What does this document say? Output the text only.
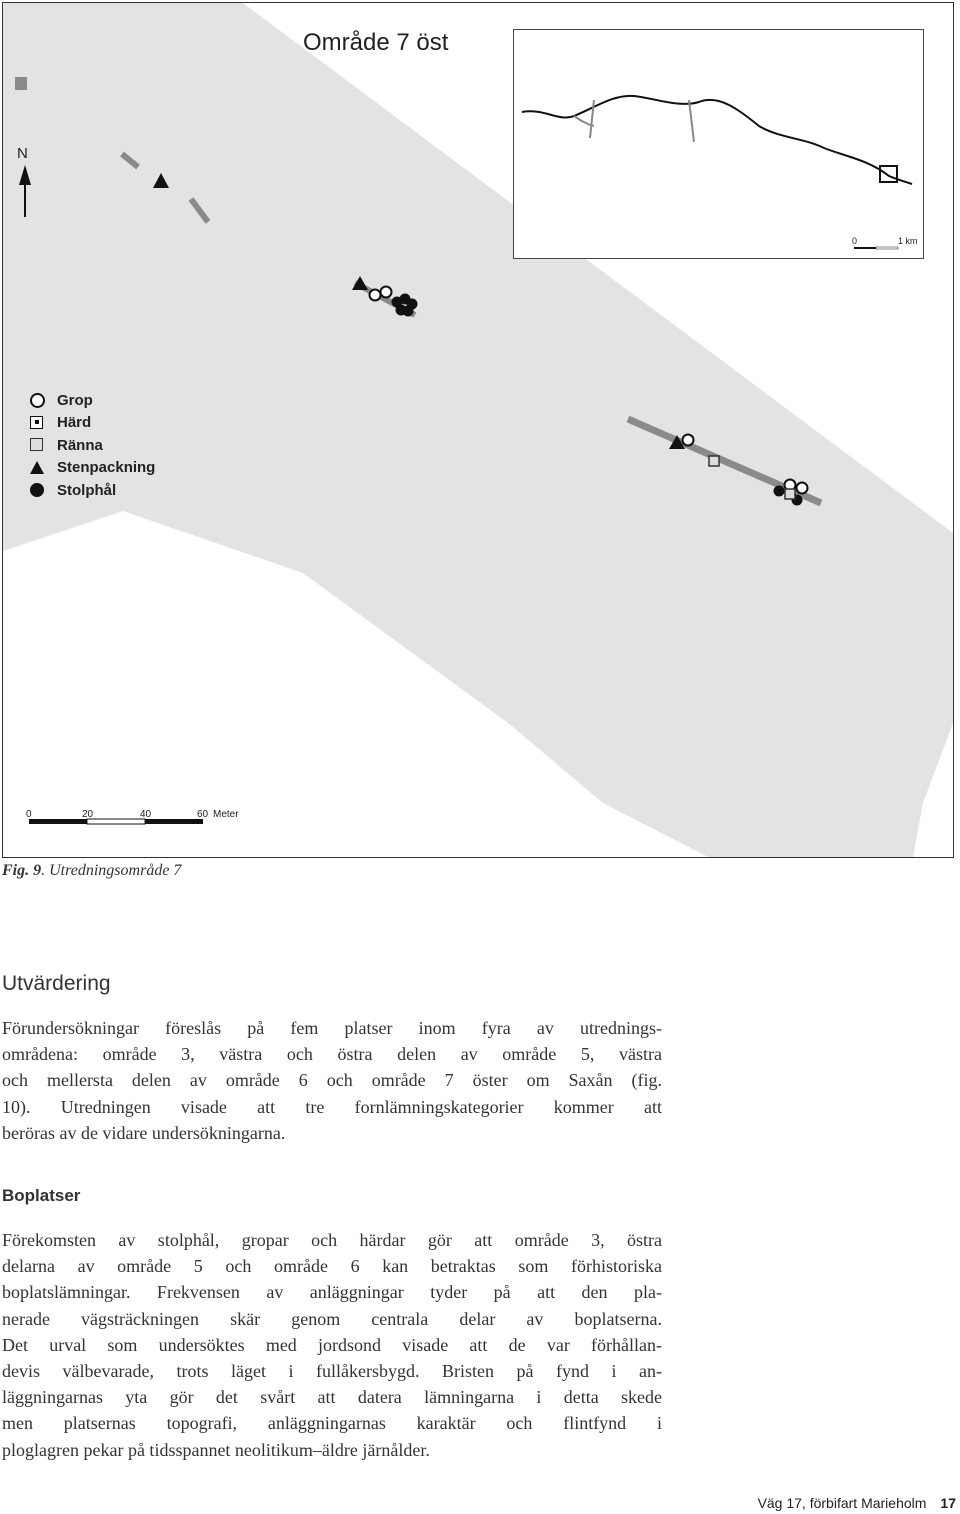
Område 7 öst
N
Grop
Härd
Ränna
Stenpackning
Stolphål
0	20	40	60 Meter
0	1 km
Fig. 9. Utredningsområde 7
Utvärdering
Förundersökningar föreslås på fem platser inom fyra av utrednings-
områdena: område 3, västra och östra delen av område 5, västra
och mellersta delen av område 6 och område 7 öster om Saxån (fig.
10). Utredningen visade att tre fornlämningskategorier kommer att
beröras av de vidare undersökningarna.
Boplatser
Förekomsten av stolphål, gropar och härdar gör att område 3, östra
delarna av område 5 och område 6 kan betraktas som förhistoriska
boplatslämningar. Frekvensen av anläggningar tyder på att den pla-
nerade vägsträckningen skär genom centrala delar av boplatserna.
Det urval som undersöktes med jordsond visade att de var förhållan-
devis välbevarade, trots läget i fullåkersbygd. Bristen på fynd i an-
läggningarnas yta gör det svårt att datera lämningarna i detta skede
men platsernas topografi, anläggningarnas karaktär och flintfynd i
ploglagren pekar på tidsspannet neolitikum–äldre järnålder.
Väg 17, förbifart Marieholm 17
